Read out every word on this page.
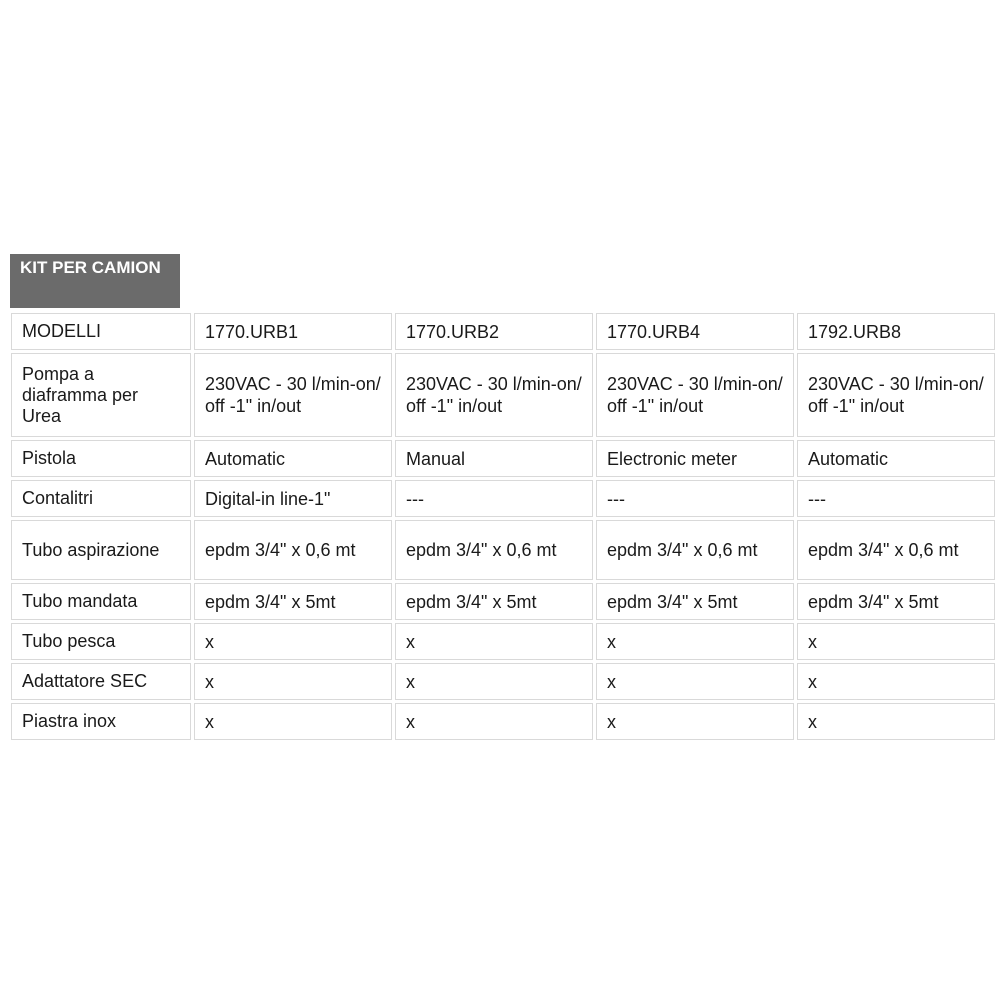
KIT PER CAMION
MODELLI	1770.URB1	1770.URB2	1770.URB4	1792.URB8
Pompa a diaframma per Urea	230VAC - 30 l/min-on/ off -1" in/out	230VAC - 30 l/min-on/ off -1" in/out	230VAC - 30 l/min-on/ off -1" in/out	230VAC - 30 l/min-on/ off -1" in/out
Pistola	Automatic	Manual	Electronic meter	Automatic
Contalitri	Digital-in line-1"	---	---	---
Tubo aspirazione	epdm 3/4" x 0,6 mt	epdm 3/4" x 0,6 mt	epdm 3/4" x 0,6 mt	epdm 3/4" x 0,6 mt
Tubo mandata	epdm 3/4" x 5mt	epdm 3/4" x 5mt	epdm 3/4" x 5mt	epdm 3/4" x 5mt
Tubo pesca	x	x	x	x
Adattatore SEC	x	x	x	x
Piastra inox	x	x	x	x
